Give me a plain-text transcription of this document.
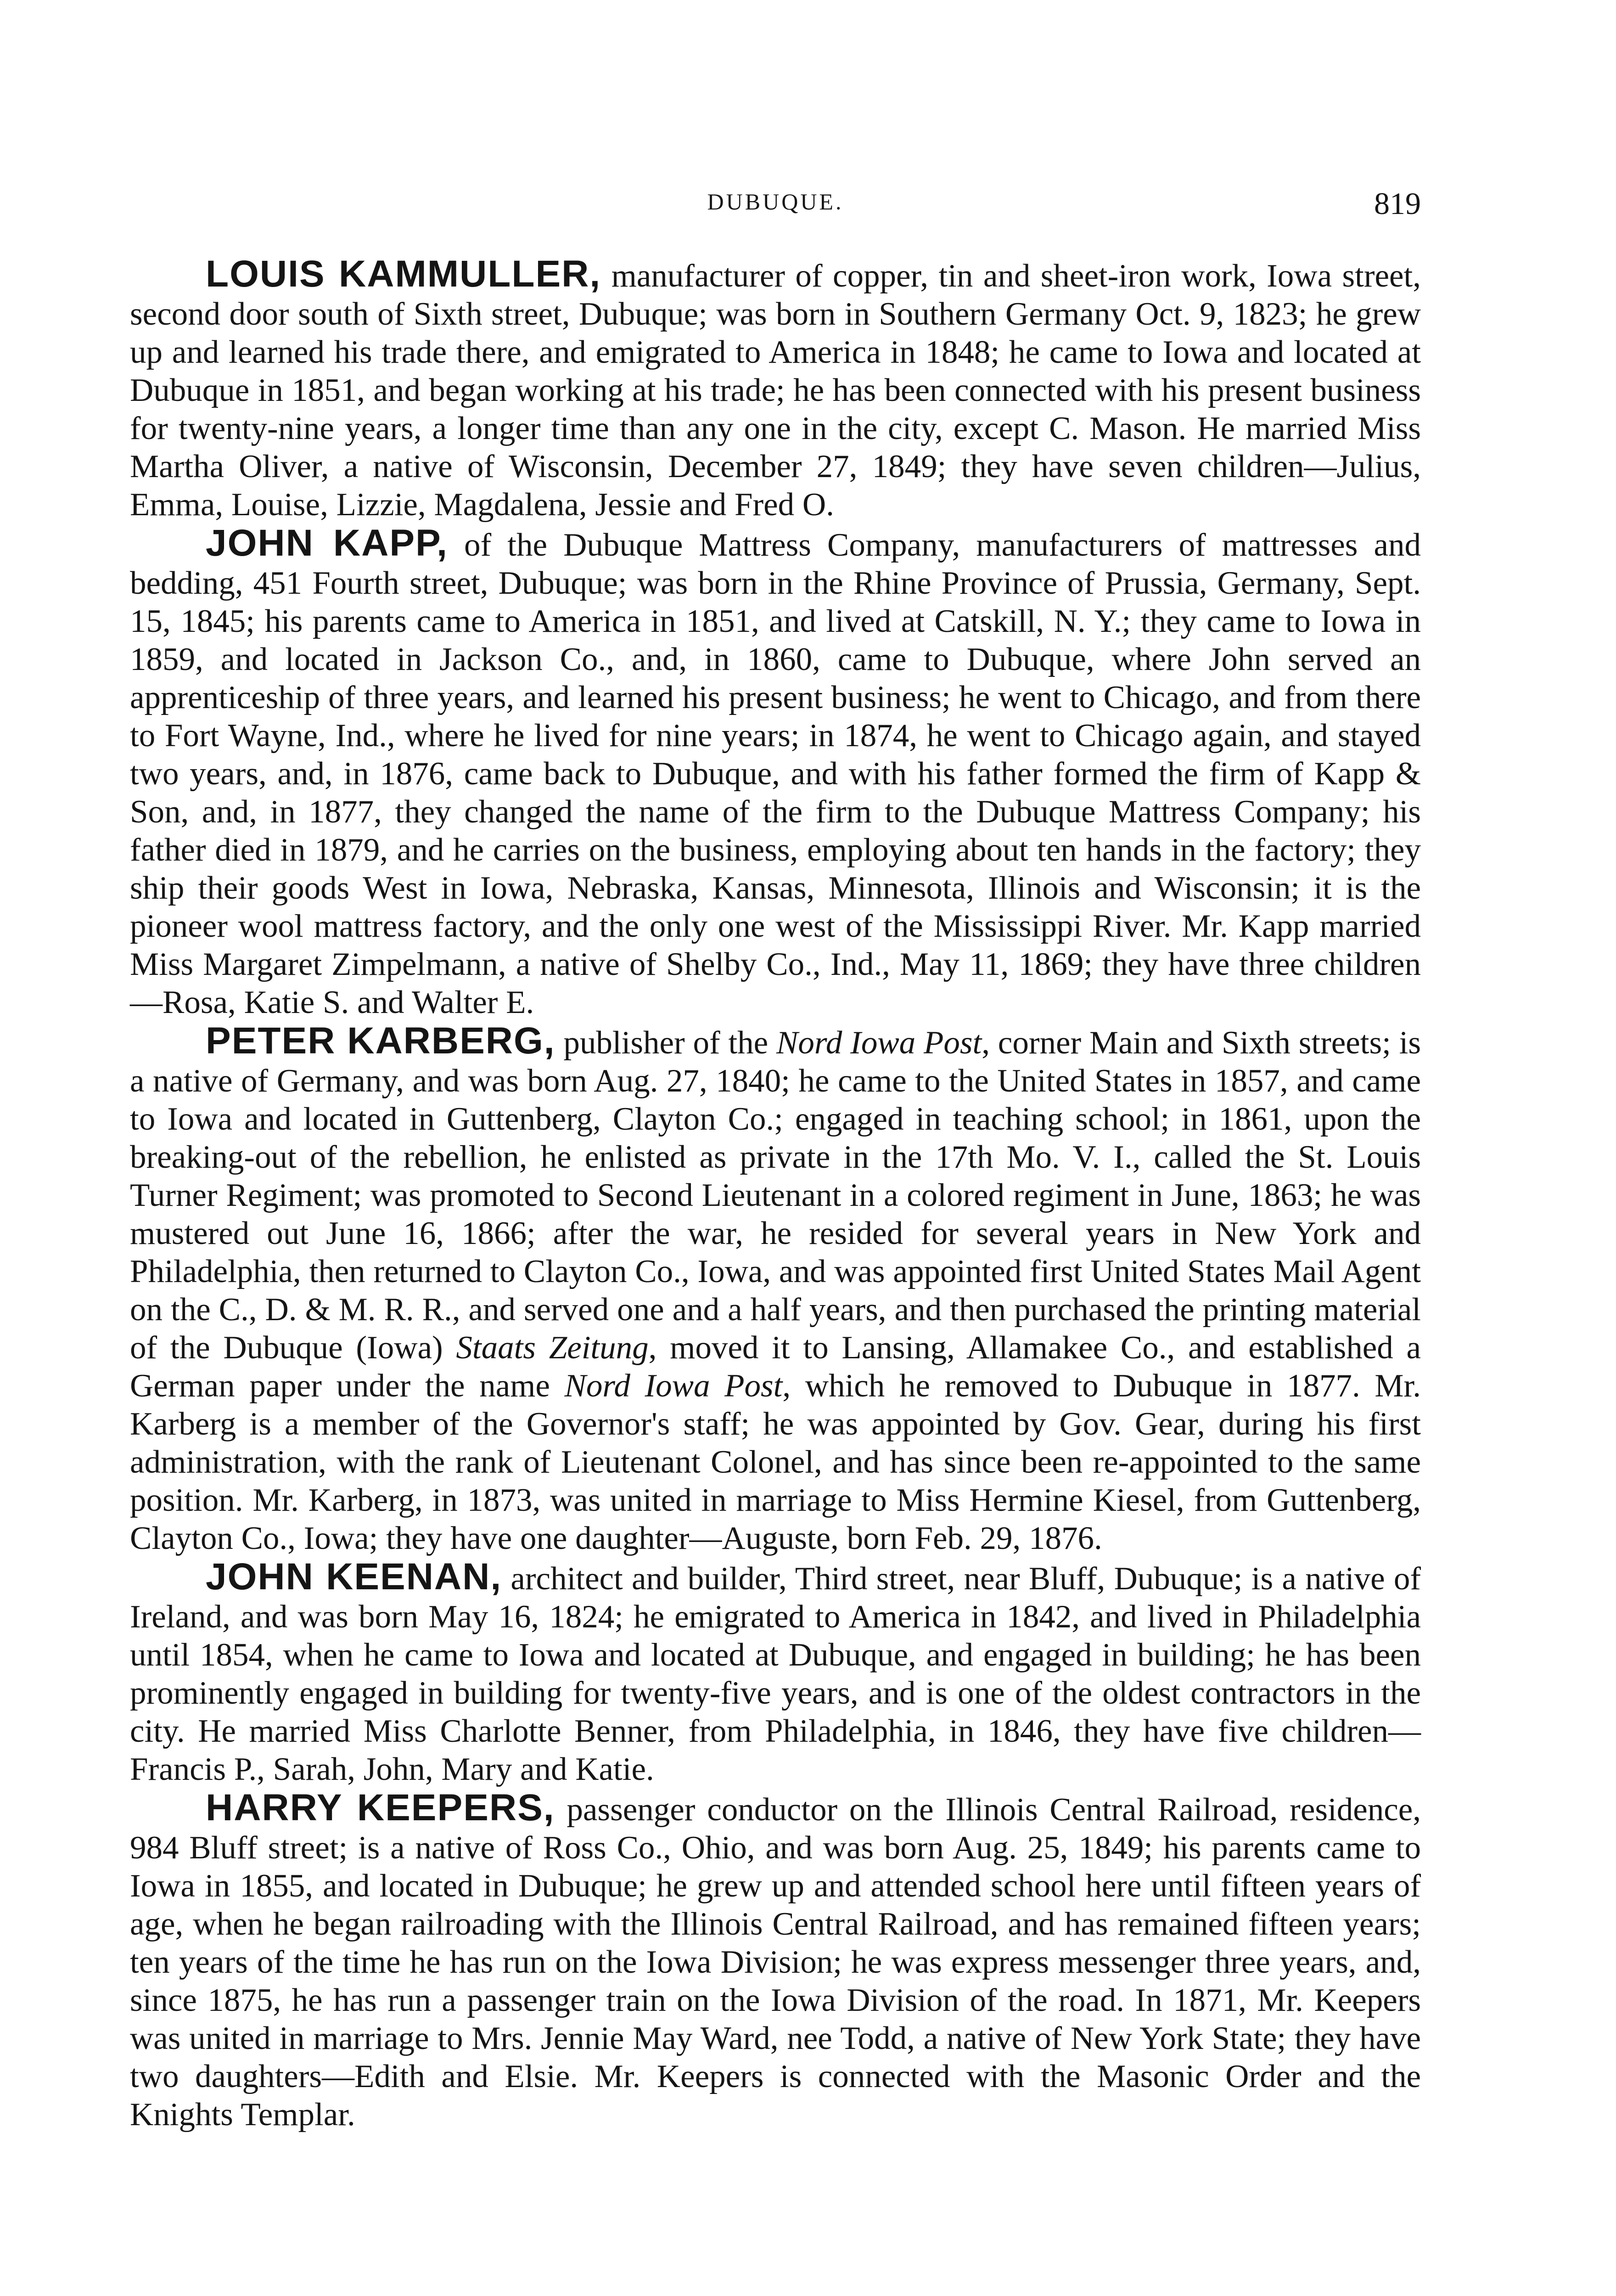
DUBUQUE.	819

LOUIS KAMMULLER, manufacturer of copper, tin and sheet-iron work, Iowa street, second door south of Sixth street, Dubuque; was born in Southern Germany Oct. 9, 1823; he grew up and learned his trade there, and emigrated to America in 1848; he came to Iowa and located at Dubuque in 1851, and began working at his trade; he has been connected with his present business for twenty-nine years, a longer time than any one in the city, except C. Mason. He married Miss Martha Oliver, a native of Wisconsin, December 27, 1849; they have seven children—Julius, Emma, Louise, Lizzie, Magdalena, Jessie and Fred O.

JOHN KAPP, of the Dubuque Mattress Company, manufacturers of mattresses and bedding, 451 Fourth street, Dubuque; was born in the Rhine Province of Prussia, Germany, Sept. 15, 1845; his parents came to America in 1851, and lived at Catskill, N. Y.; they came to Iowa in 1859, and located in Jackson Co., and, in 1860, came to Dubuque, where John served an apprenticeship of three years, and learned his present business; he went to Chicago, and from there to Fort Wayne, Ind., where he lived for nine years; in 1874, he went to Chicago again, and stayed two years, and, in 1876, came back to Dubuque, and with his father formed the firm of Kapp & Son, and, in 1877, they changed the name of the firm to the Dubuque Mattress Company; his father died in 1879, and he carries on the business, employing about ten hands in the factory; they ship their goods West in Iowa, Nebraska, Kansas, Minnesota, Illinois and Wisconsin; it is the pioneer wool mattress factory, and the only one west of the Mississippi River. Mr. Kapp married Miss Margaret Zimpelmann, a native of Shelby Co., Ind., May 11, 1869; they have three children—Rosa, Katie S. and Walter E.

PETER KARBERG, publisher of the Nord Iowa Post, corner Main and Sixth streets; is a native of Germany, and was born Aug. 27, 1840; he came to the United States in 1857, and came to Iowa and located in Guttenberg, Clayton Co.; engaged in teaching school; in 1861, upon the breaking-out of the rebellion, he enlisted as private in the 17th Mo. V. I., called the St. Louis Turner Regiment; was promoted to Second Lieutenant in a colored regiment in June, 1863; he was mustered out June 16, 1866; after the war, he resided for several years in New York and Philadelphia, then returned to Clayton Co., Iowa, and was appointed first United States Mail Agent on the C., D. & M. R. R., and served one and a half years, and then purchased the printing material of the Dubuque (Iowa) Staats Zeitung, moved it to Lansing, Allamakee Co., and established a German paper under the name Nord Iowa Post, which he removed to Dubuque in 1877. Mr. Karberg is a member of the Governor's staff; he was appointed by Gov. Gear, during his first administration, with the rank of Lieutenant Colonel, and has since been re-appointed to the same position. Mr. Karberg, in 1873, was united in marriage to Miss Hermine Kiesel, from Guttenberg, Clayton Co., Iowa; they have one daughter—Auguste, born Feb. 29, 1876.

JOHN KEENAN, architect and builder, Third street, near Bluff, Dubuque; is a native of Ireland, and was born May 16, 1824; he emigrated to America in 1842, and lived in Philadelphia until 1854, when he came to Iowa and located at Dubuque, and engaged in building; he has been prominently engaged in building for twenty-five years, and is one of the oldest contractors in the city. He married Miss Charlotte Benner, from Philadelphia, in 1846, they have five children—Francis P., Sarah, John, Mary and Katie.

HARRY KEEPERS, passenger conductor on the Illinois Central Railroad, residence, 984 Bluff street; is a native of Ross Co., Ohio, and was born Aug. 25, 1849; his parents came to Iowa in 1855, and located in Dubuque; he grew up and attended school here until fifteen years of age, when he began railroading with the Illinois Central Railroad, and has remained fifteen years; ten years of the time he has run on the Iowa Division; he was express messenger three years, and, since 1875, he has run a passenger train on the Iowa Division of the road. In 1871, Mr. Keepers was united in marriage to Mrs. Jennie May Ward, nee Todd, a native of New York State; they have two daughters—Edith and Elsie. Mr. Keepers is connected with the Masonic Order and the Knights Templar.
